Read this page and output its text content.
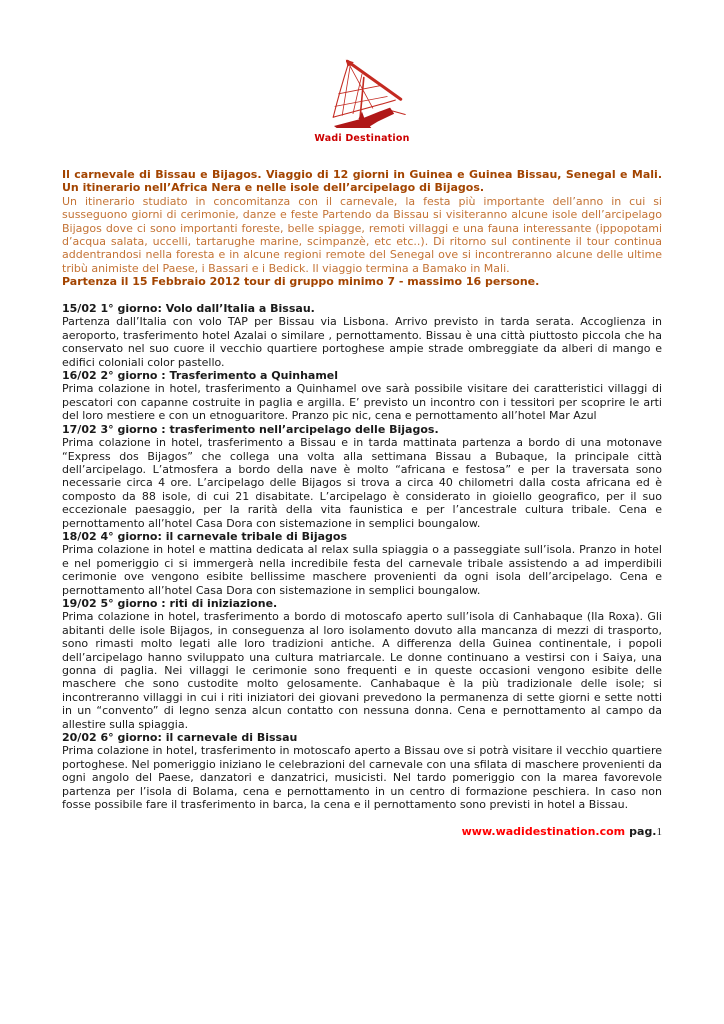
Wadi Destination

Il carnevale di Bissau e Bijagos. Viaggio di 12 giorni in Guinea e Guinea Bissau, Senegal e Mali. Un itinerario nell’Africa Nera e nelle isole dell’arcipelago di Bijagos.

Un itinerario studiato in concomitanza con il carnevale, la festa più importante dell’anno in cui si susseguono giorni di cerimonie, danze e feste Partendo da Bissau si visiteranno alcune isole dell’arcipelago Bijagos dove ci sono importanti foreste, belle spiagge, remoti villaggi e una fauna interessante (ippopotami d’acqua salata, uccelli, tartarughe marine, scimpanzè, etc etc..). Di ritorno sul continente il tour continua addentrandosi nella foresta e in alcune regioni remote del Senegal ove si incontreranno alcune delle ultime tribù animiste del Paese, i Bassari e i Bedick. Il viaggio termina a Bamako in Mali.

Partenza il 15 Febbraio 2012 tour di gruppo minimo 7 - massimo 16 persone.

15/02 1° giorno: Volo dall’Italia a Bissau.

Partenza dall’Italia con volo TAP per Bissau via Lisbona. Arrivo previsto in tarda serata. Accoglienza in aeroporto, trasferimento hotel Azalai o similare , pernottamento. Bissau è una città piuttosto piccola che ha conservato nel suo cuore il vecchio quartiere portoghese ampie strade ombreggiate da alberi di mango e edifici coloniali color pastello.

16/02 2° giorno : Trasferimento a Quinhamel

Prima colazione in hotel, trasferimento a Quinhamel ove sarà possibile visitare dei caratteristici villaggi di pescatori con capanne costruite in paglia e argilla. E’ previsto un incontro con i tessitori per scoprire le arti del loro mestiere e con un etnoguaritore. Pranzo pic nic, cena e pernottamento all’hotel Mar Azul

17/02 3° giorno : trasferimento nell’arcipelago delle Bijagos.

Prima colazione in hotel, trasferimento a Bissau e in tarda mattinata partenza a bordo di una motonave “Express dos Bijagos” che collega una volta alla settimana Bissau a Bubaque, la principale città dell’arcipelago. L’atmosfera a bordo della nave è molto “africana e festosa” e per la traversata sono necessarie circa 4 ore. L’arcipelago delle Bijagos si trova a circa 40 chilometri dalla costa africana ed è composto da 88 isole, di cui 21 disabitate. L’arcipelago è considerato in gioiello geografico, per il suo eccezionale paesaggio, per la rarità della vita faunistica e per l’ancestrale cultura tribale. Cena e pernottamento all’hotel Casa Dora con sistemazione in semplici boungalow.

18/02 4° giorno: il carnevale tribale di Bijagos

Prima colazione in hotel e mattina dedicata al relax sulla spiaggia o a passeggiate sull’isola. Pranzo in hotel e nel pomeriggio ci si immergerà nella incredibile festa del carnevale tribale assistendo a ad imperdibili cerimonie ove vengono esibite bellissime maschere provenienti da ogni isola dell’arcipelago. Cena e pernottamento all’hotel Casa Dora con sistemazione in semplici boungalow.

19/02 5° giorno : riti di iniziazione.

Prima colazione in hotel, trasferimento a bordo di motoscafo aperto sull’isola di Canhabaque (Ila Roxa). Gli abitanti delle isole Bijagos, in conseguenza al loro isolamento dovuto alla mancanza di mezzi di trasporto, sono rimasti molto legati alle loro tradizioni antiche. A differenza della Guinea continentale, i popoli dell’arcipelago hanno sviluppato una cultura matriarcale. Le donne continuano a vestirsi con i Saiya, una gonna di paglia. Nei villaggi le cerimonie sono frequenti e in queste occasioni vengono esibite delle maschere che sono custodite molto gelosamente. Canhabaque è la più tradizionale delle isole; si incontreranno villaggi in cui i riti iniziatori dei giovani prevedono la permanenza di sette giorni e sette notti in un “convento” di legno senza alcun contatto con nessuna donna. Cena e pernottamento al campo da allestire sulla spiaggia.

20/02 6° giorno: il carnevale di Bissau

Prima colazione in hotel, trasferimento in motoscafo aperto a Bissau ove si potrà visitare il vecchio quartiere portoghese. Nel pomeriggio iniziano le celebrazioni del carnevale con una sfilata di maschere provenienti da ogni angolo del Paese, danzatori e danzatrici, musicisti. Nel tardo pomeriggio con la marea favorevole partenza per l’isola di Bolama, cena e pernottamento in un centro di formazione peschiera. In caso non fosse possibile fare il trasferimento in barca, la cena e il pernottamento sono previsti in hotel a Bissau.

www.wadidestination.com pag.1
